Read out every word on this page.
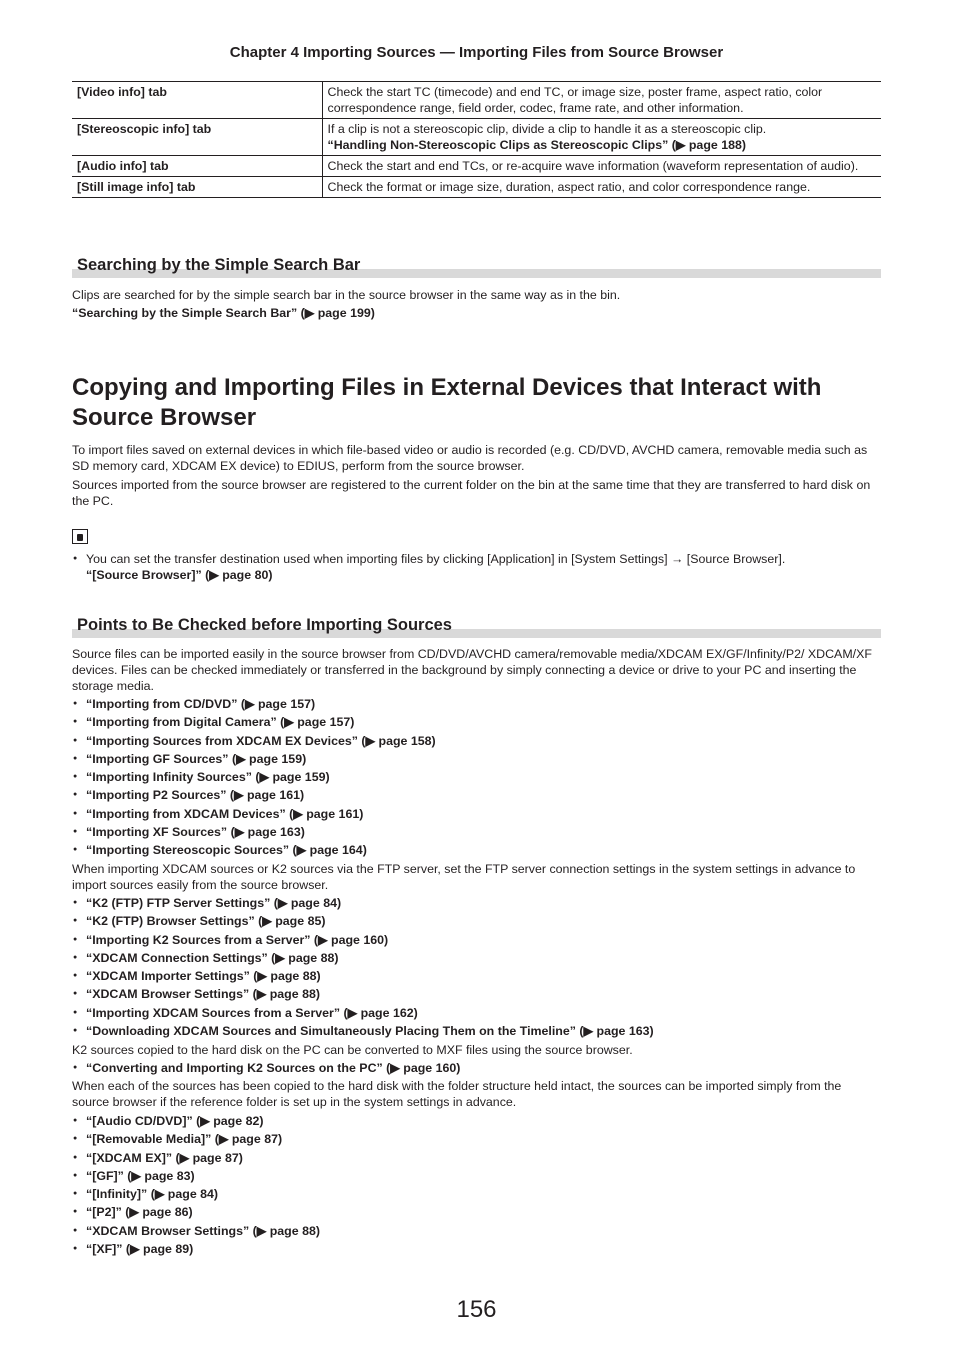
Chapter 4 Importing Sources — Importing Files from Source Browser
[Video info] tab	Check the start TC (timecode) and end TC, or image size, poster frame, aspect ratio, color correspondence range, field order, codec, frame rate, and other information.
[Stereoscopic info] tab	If a clip is not a stereoscopic clip, divide a clip to handle it as a stereoscopic clip.
“Handling Non-Stereoscopic Clips as Stereoscopic Clips” (▶ page 188)

[Audio info] tab	Check the start and end TCs, or re-acquire wave information (waveform representation of audio).
[Still image info] tab	Check the format or image size, duration, aspect ratio, and color correspondence range.
Searching by the Simple Search Bar
Clips are searched for by the simple search bar in the source browser in the same way as in the bin.
“Searching by the Simple Search Bar” (▶ page 199)
Copying and Importing Files in External Devices that Interact with
Source Browser
To import files saved on external devices in which file-based video or audio is recorded (e.g. CD/DVD, AVCHD camera, removable media such as SD memory card, XDCAM EX device) to EDIUS, perform from the source browser.
Sources imported from the source browser are registered to the current folder on the bin at the same time that they are transferred to hard disk on the PC.
● You can set the transfer destination used when importing files by clicking [Application] in [System Settings] → [Source Browser].
“[Source Browser]” (▶ page 80)
Points to Be Checked before Importing Sources
Source files can be imported easily in the source browser from CD/DVD/AVCHD camera/removable media/XDCAM EX/GF/Infinity/P2/ XDCAM/XF devices. Files can be checked immediately or transferred in the background by simply connecting a device or drive to your PC and inserting the storage media.
● “Importing from CD/DVD” (▶ page 157)
● “Importing from Digital Camera” (▶ page 157)
● “Importing Sources from XDCAM EX Devices” (▶ page 158)
● “Importing GF Sources” (▶ page 159)
● “Importing Infinity Sources” (▶ page 159)
● “Importing P2 Sources” (▶ page 161)
● “Importing from XDCAM Devices” (▶ page 161)
● “Importing XF Sources” (▶ page 163)
● “Importing Stereoscopic Sources” (▶ page 164)
When importing XDCAM sources or K2 sources via the FTP server, set the FTP server connection settings in the system settings in advance to import sources easily from the source browser.
● “K2 (FTP) FTP Server Settings” (▶ page 84)
● “K2 (FTP) Browser Settings” (▶ page 85)
● “Importing K2 Sources from a Server” (▶ page 160)
● “XDCAM Connection Settings” (▶ page 88)
● “XDCAM Importer Settings” (▶ page 88)
● “XDCAM Browser Settings” (▶ page 88)
● “Importing XDCAM Sources from a Server” (▶ page 162)
● “Downloading XDCAM Sources and Simultaneously Placing Them on the Timeline” (▶ page 163)
K2 sources copied to the hard disk on the PC can be converted to MXF files using the source browser.
● “Converting and Importing K2 Sources on the PC” (▶ page 160)
When each of the sources has been copied to the hard disk with the folder structure held intact, the sources can be imported simply from the source browser if the reference folder is set up in the system settings in advance.
● “[Audio CD/DVD]” (▶ page 82)
● “[Removable Media]” (▶ page 87)
● “[XDCAM EX]” (▶ page 87)
● “[GF]” (▶ page 83)
● “[Infinity]” (▶ page 84)
● “[P2]” (▶ page 86)
● “XDCAM Browser Settings” (▶ page 88)
● “[XF]” (▶ page 89)
156
